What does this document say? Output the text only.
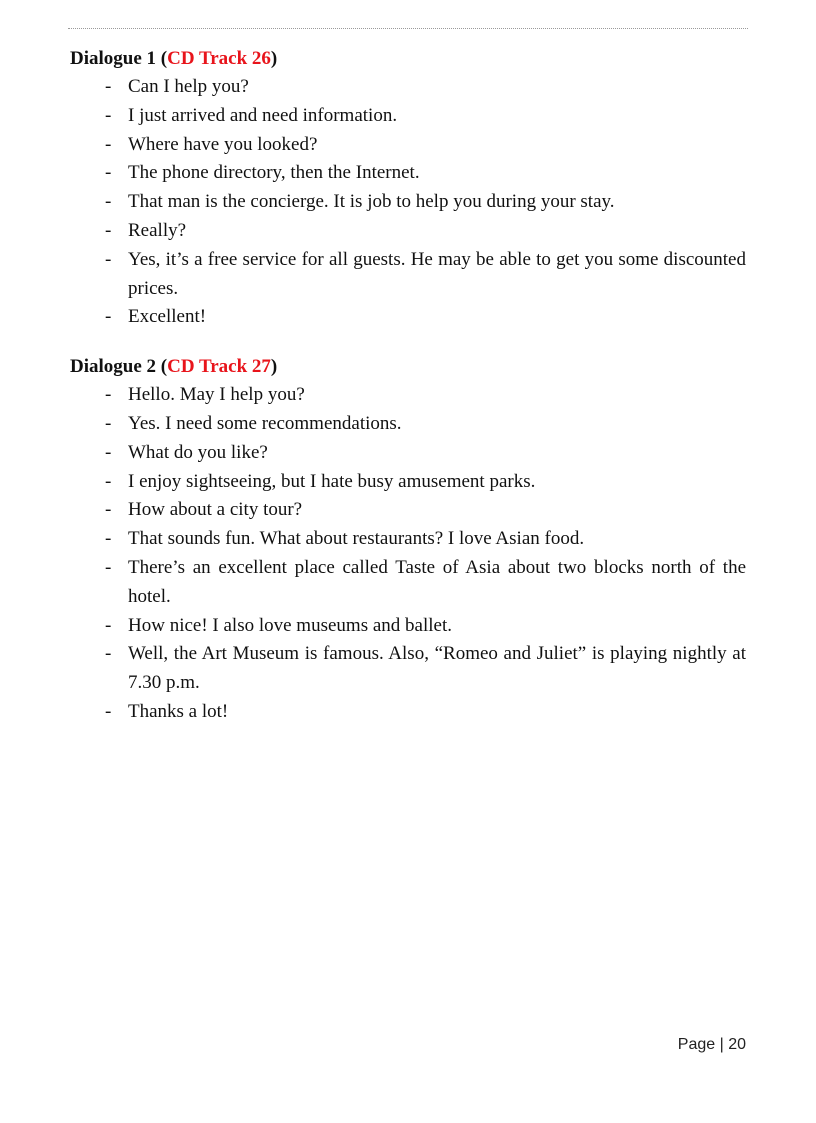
Dialogue 1 (CD Track 26)

- Can I help you?
- I just arrived and need information.
- Where have you looked?
- The phone directory, then the Internet.
- That man is the concierge. It is job to help you during your stay.
- Really?
- Yes, it’s a free service for all guests. He may be able to get you some discounted prices.
- Excellent!

Dialogue 2 (CD Track 27)

- Hello. May I help you?
- Yes. I need some recommendations.
- What do you like?
- I enjoy sightseeing, but I hate busy amusement parks.
- How about a city tour?
- That sounds fun. What about restaurants? I love Asian food.
- There’s an excellent place called Taste of Asia about two blocks north of the hotel.
- How nice! I also love museums and ballet.
- Well, the Art Museum is famous. Also, “Romeo and Juliet” is playing nightly at 7.30 p.m.
- Thanks a lot!
Page | 20
